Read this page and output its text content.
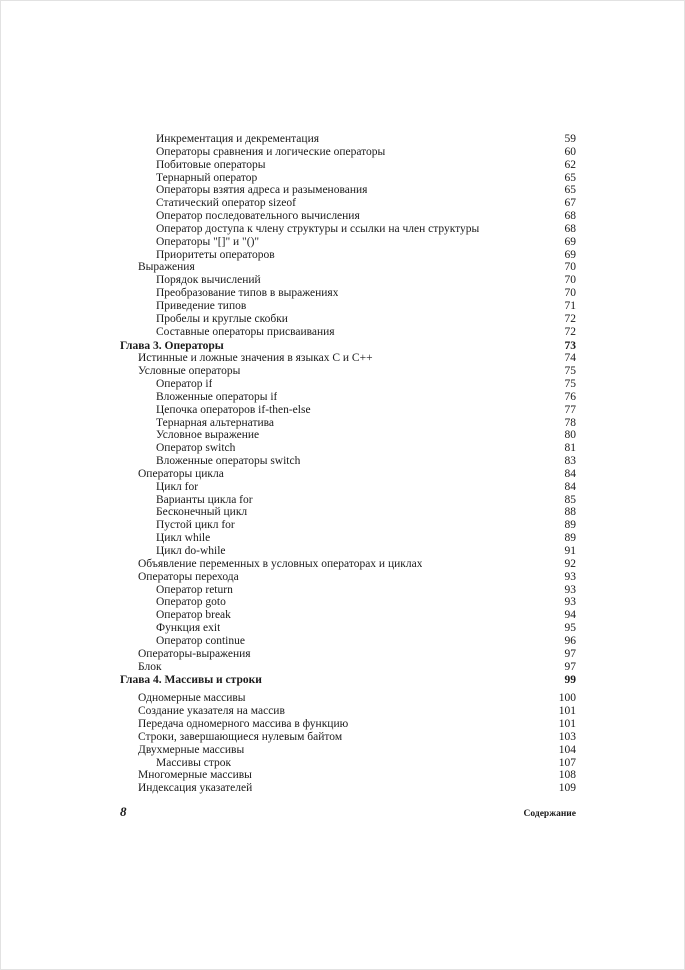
Инкрементация и декрементация	59
Операторы сравнения и логические операторы	60
Побитовые операторы	62
Тернарный оператор	65
Операторы взятия адреса и разыменования	65
Статический оператор sizeof	67
Оператор последовательного вычисления	68
Оператор доступа к члену структуры и ссылки на член структуры	68
Операторы "[]" и "()"	69
Приоритеты операторов	69
Выражения	70
Порядок вычислений	70
Преобразование типов в выражениях	70
Приведение типов	71
Пробелы и круглые скобки	72
Составные операторы присваивания	72
Глава 3. Операторы	73
Истинные и ложные значения в языках C и C++	74
Условные операторы	75
Оператор if	75
Вложенные операторы if	76
Цепочка операторов if-then-else	77
Тернарная альтернатива	78
Условное выражение	80
Оператор switch	81
Вложенные операторы switch	83
Операторы цикла	84
Цикл for	84
Варианты цикла for	85
Бесконечный цикл	88
Пустой цикл for	89
Цикл while	89
Цикл do-while	91
Объявление переменных в условных операторах и циклах	92
Операторы перехода	93
Оператор return	93
Оператор goto	93
Оператор break	94
Функция exit	95
Оператор continue	96
Операторы-выражения	97
Блок	97
Глава 4. Массивы и строки	99
Одномерные массивы	100
Создание указателя на массив	101
Передача одномерного массива в функцию	101
Строки, завершающиеся нулевым байтом	103
Двухмерные массивы	104
Массивы строк	107
Многомерные массивы	108
Индексация указателей	109
8	Содержание
